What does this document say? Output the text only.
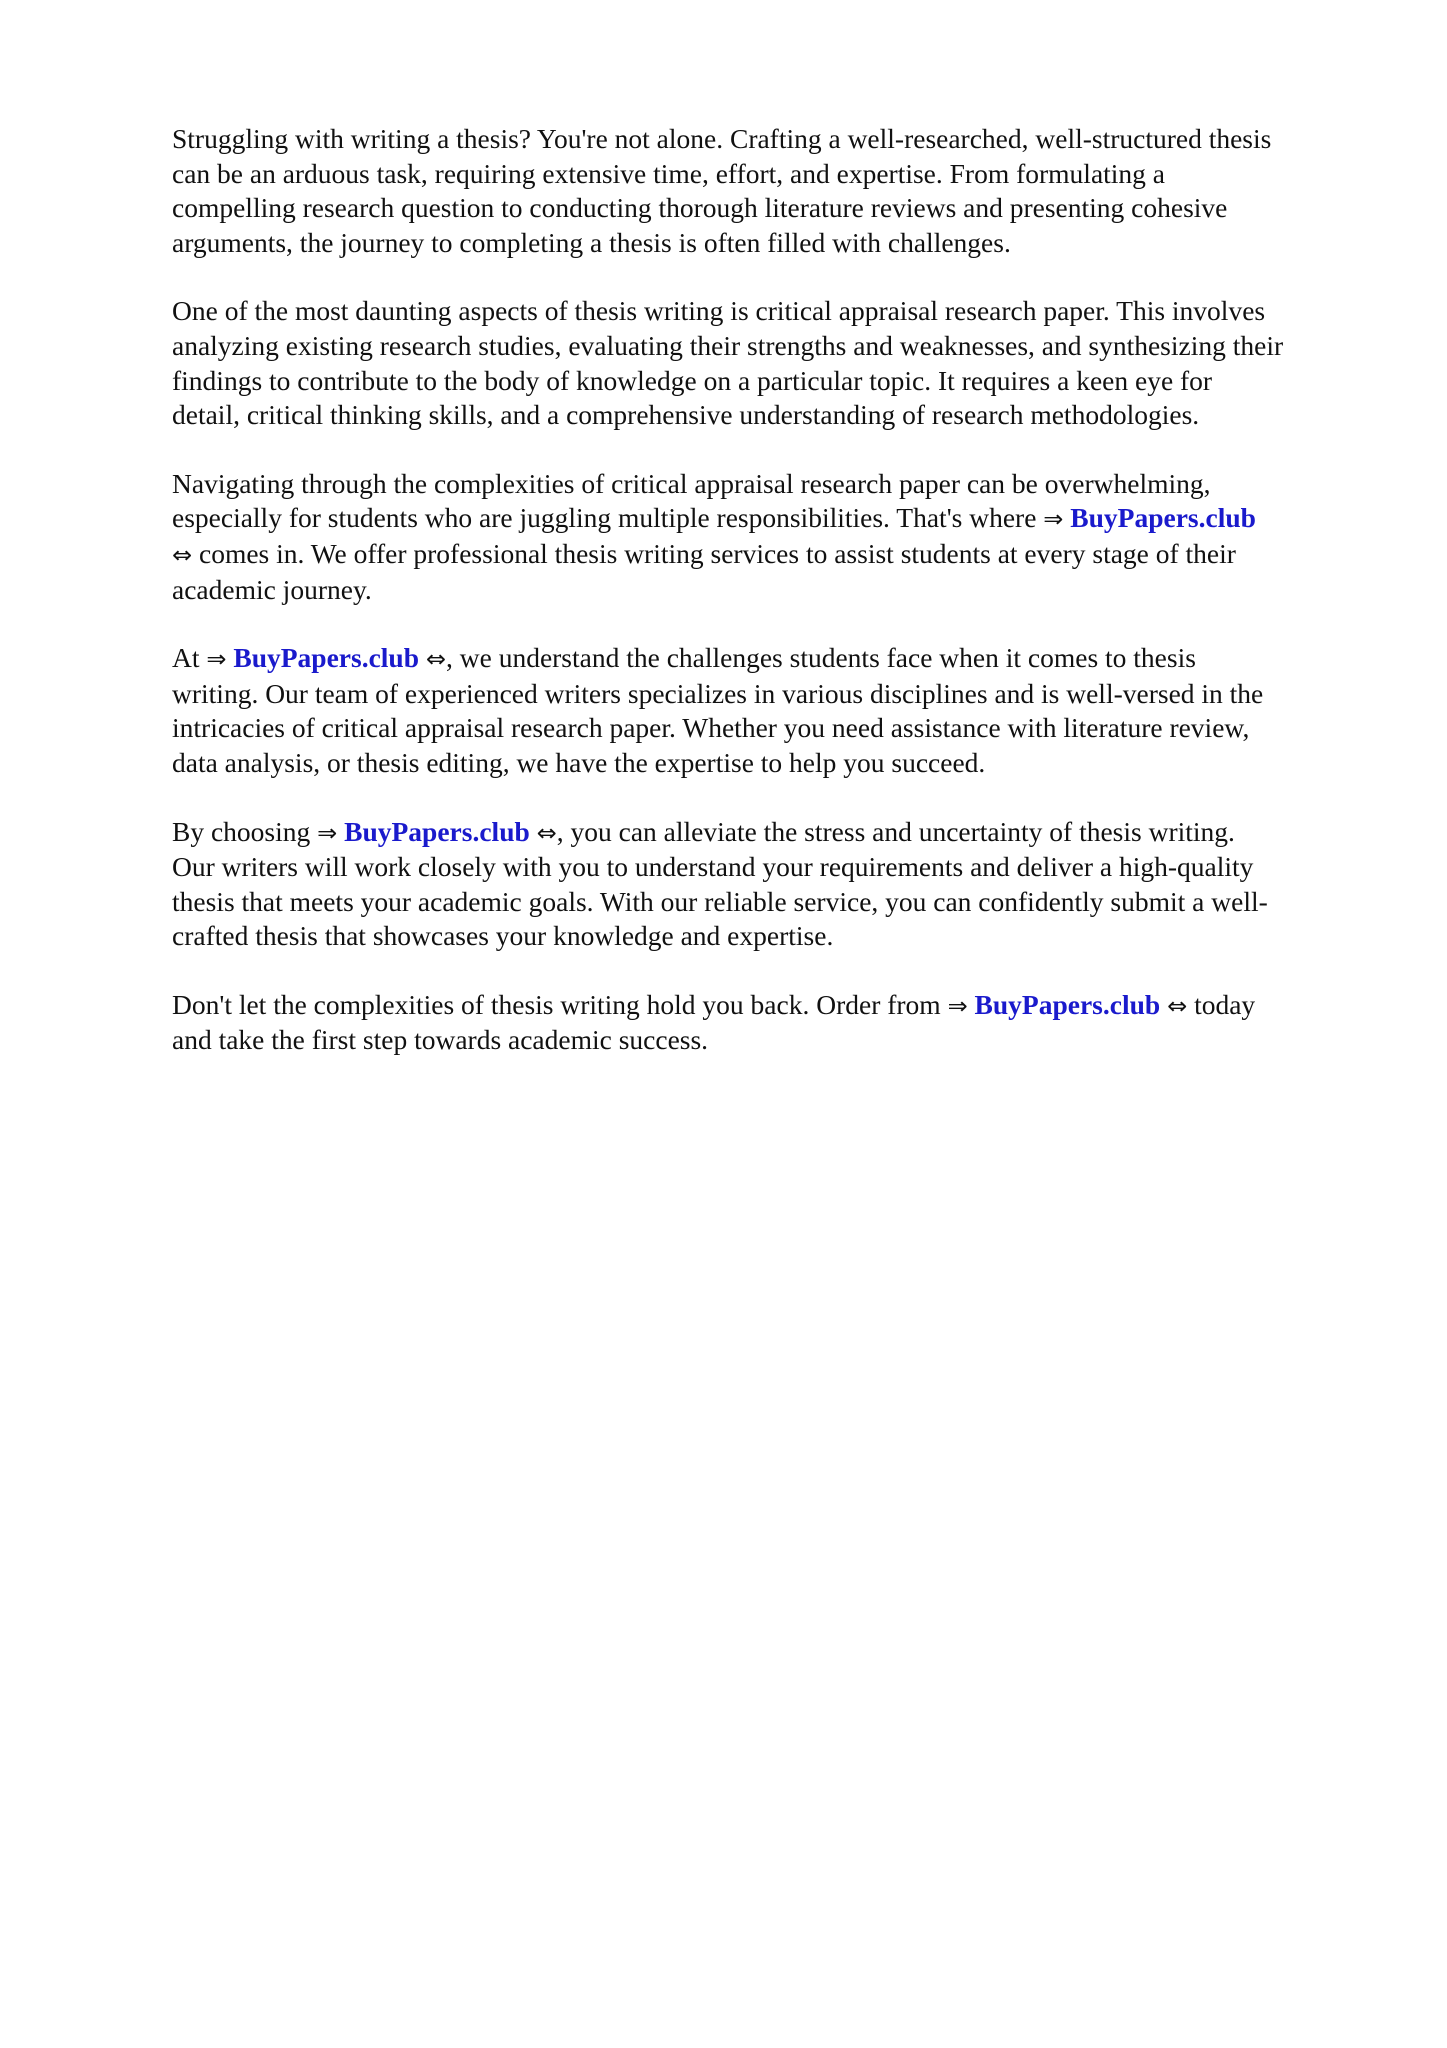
Struggling with writing a thesis? You're not alone. Crafting a well-researched, well-structured thesis
can be an arduous task, requiring extensive time, effort, and expertise. From formulating a
compelling research question to conducting thorough literature reviews and presenting cohesive
arguments, the journey to completing a thesis is often filled with challenges.

One of the most daunting aspects of thesis writing is critical appraisal research paper. This involves
analyzing existing research studies, evaluating their strengths and weaknesses, and synthesizing their
findings to contribute to the body of knowledge on a particular topic. It requires a keen eye for
detail, critical thinking skills, and a comprehensive understanding of research methodologies.

Navigating through the complexities of critical appraisal research paper can be overwhelming,
especially for students who are juggling multiple responsibilities. That's where ⇒ BuyPapers.club
⇔ comes in. We offer professional thesis writing services to assist students at every stage of their
academic journey.

At ⇒ BuyPapers.club ⇔, we understand the challenges students face when it comes to thesis
writing. Our team of experienced writers specializes in various disciplines and is well-versed in the
intricacies of critical appraisal research paper. Whether you need assistance with literature review,
data analysis, or thesis editing, we have the expertise to help you succeed.

By choosing ⇒ BuyPapers.club ⇔, you can alleviate the stress and uncertainty of thesis writing.
Our writers will work closely with you to understand your requirements and deliver a high-quality
thesis that meets your academic goals. With our reliable service, you can confidently submit a well-
crafted thesis that showcases your knowledge and expertise.

Don't let the complexities of thesis writing hold you back. Order from ⇒ BuyPapers.club ⇔ today
and take the first step towards academic success.
